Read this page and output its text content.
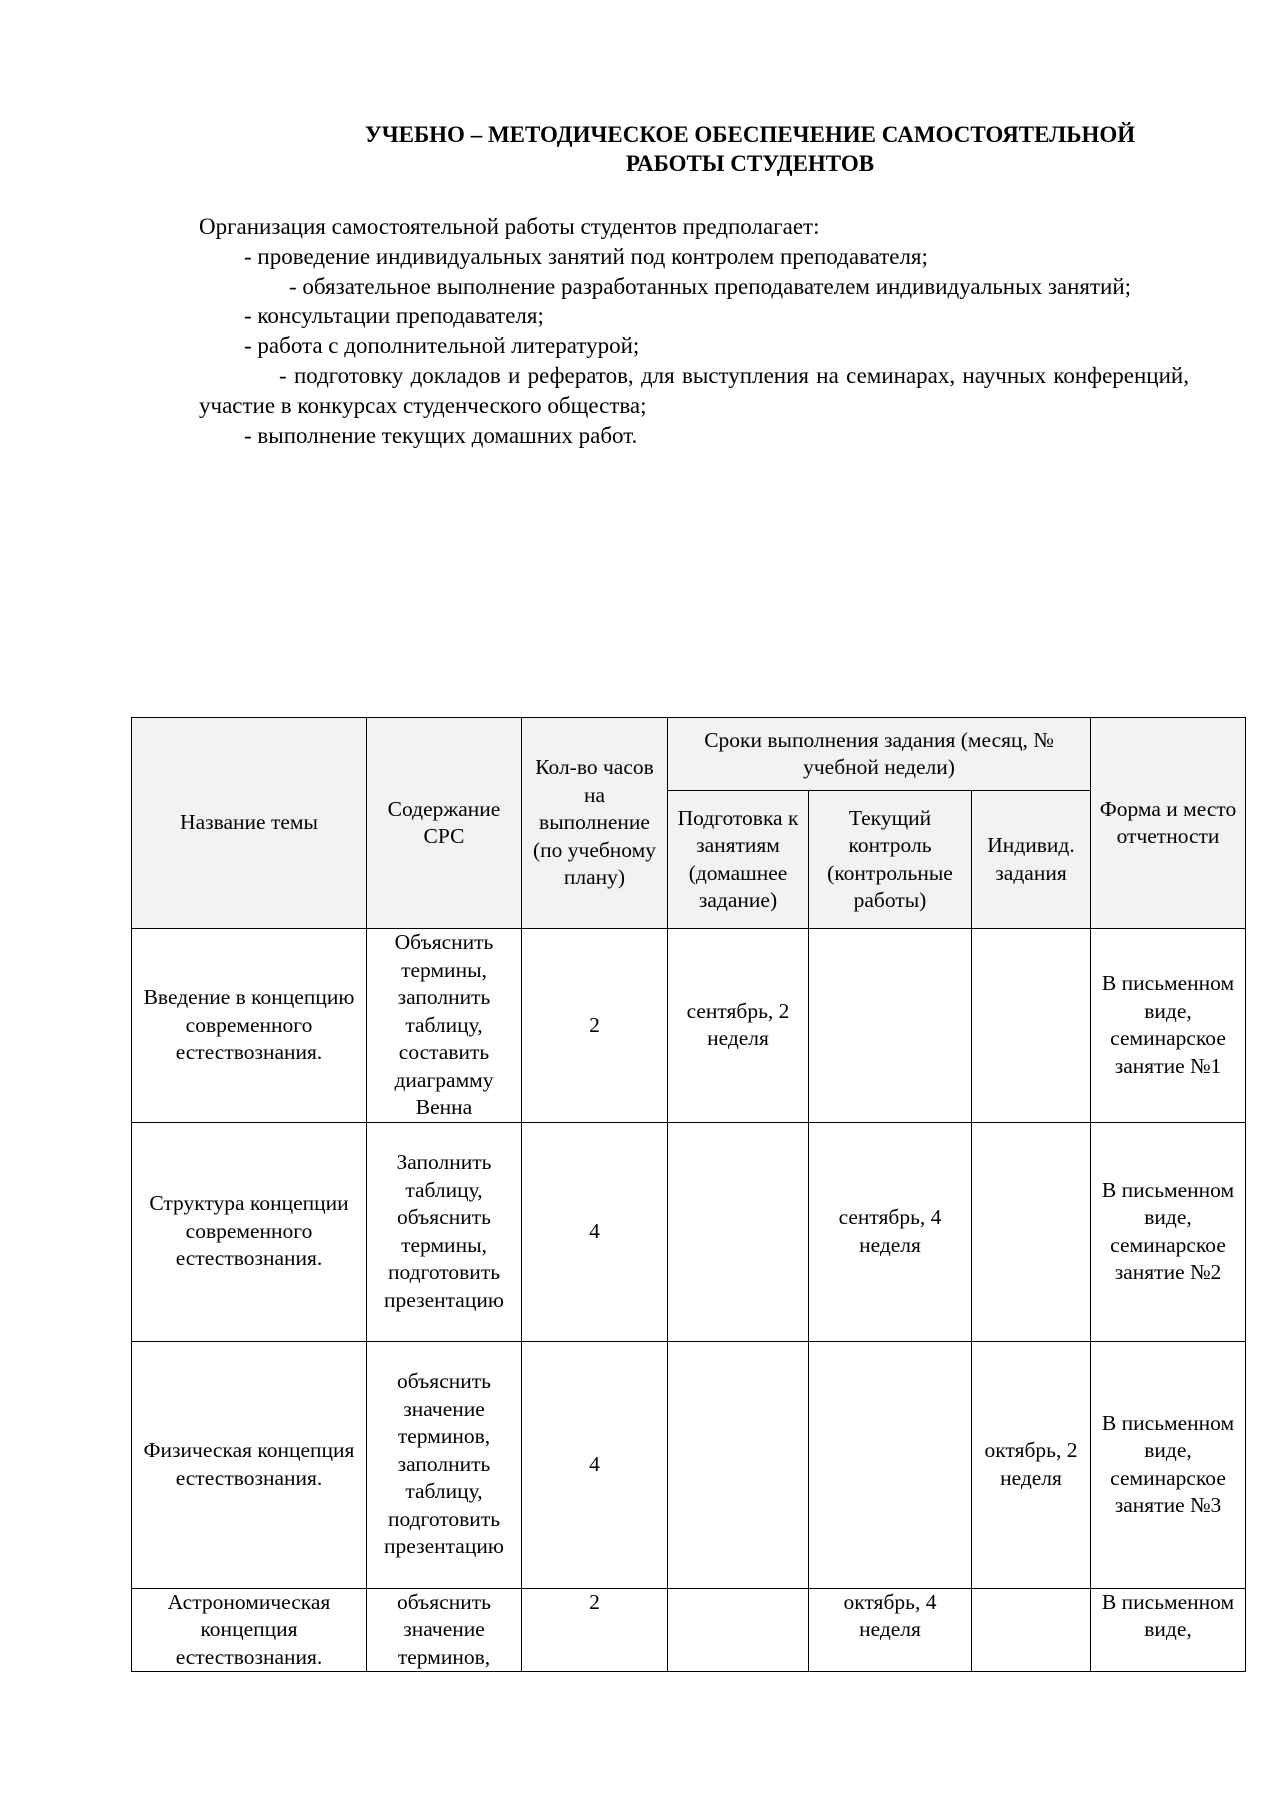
УЧЕБНО – МЕТОДИЧЕСКОЕ ОБЕСПЕЧЕНИЕ САМОСТОЯТЕЛЬНОЙ
РАБОТЫ СТУДЕНТОВ

Организация самостоятельной работы студентов предполагает:

- проведение индивидуальных занятий под контролем преподавателя;

- обязательное выполнение разработанных преподавателем индивидуальных занятий;

- консультации преподавателя;

- работа с дополнительной литературой;

- подготовку докладов и рефератов, для выступления на семинарах, научных конференций, участие в конкурсах студенческого общества;

- выполнение текущих домашних работ.

Название темы	Содержание СРС	Кол-во часов на выполнение (по учебному плану)	Сроки выполнения задания (месяц, № учебной недели)			Форма и место отчетности
			Подготовка к занятиям (домашнее задание)	Текущий контроль (контрольные работы)	Индивид. задания	
Введение в концепцию современного естествознания.	Объяснить термины, заполнить таблицу, составить диаграмму Венна	2	сентябрь, 2 неделя			В письменном виде, семинарское занятие №1
Структура концепции современного естествознания.	Заполнить таблицу, объяснить термины, подготовить презентацию	4		сентябрь, 4 неделя		В письменном виде, семинарское занятие №2
Физическая концепция естествознания.	объяснить значение терминов, заполнить таблицу, подготовить презентацию	4			октябрь, 2 неделя	В письменном виде, семинарское занятие №3
Астрономическая концепция естествознания.	объяснить значение терминов,	2		октябрь, 4 неделя		В письменном виде,
